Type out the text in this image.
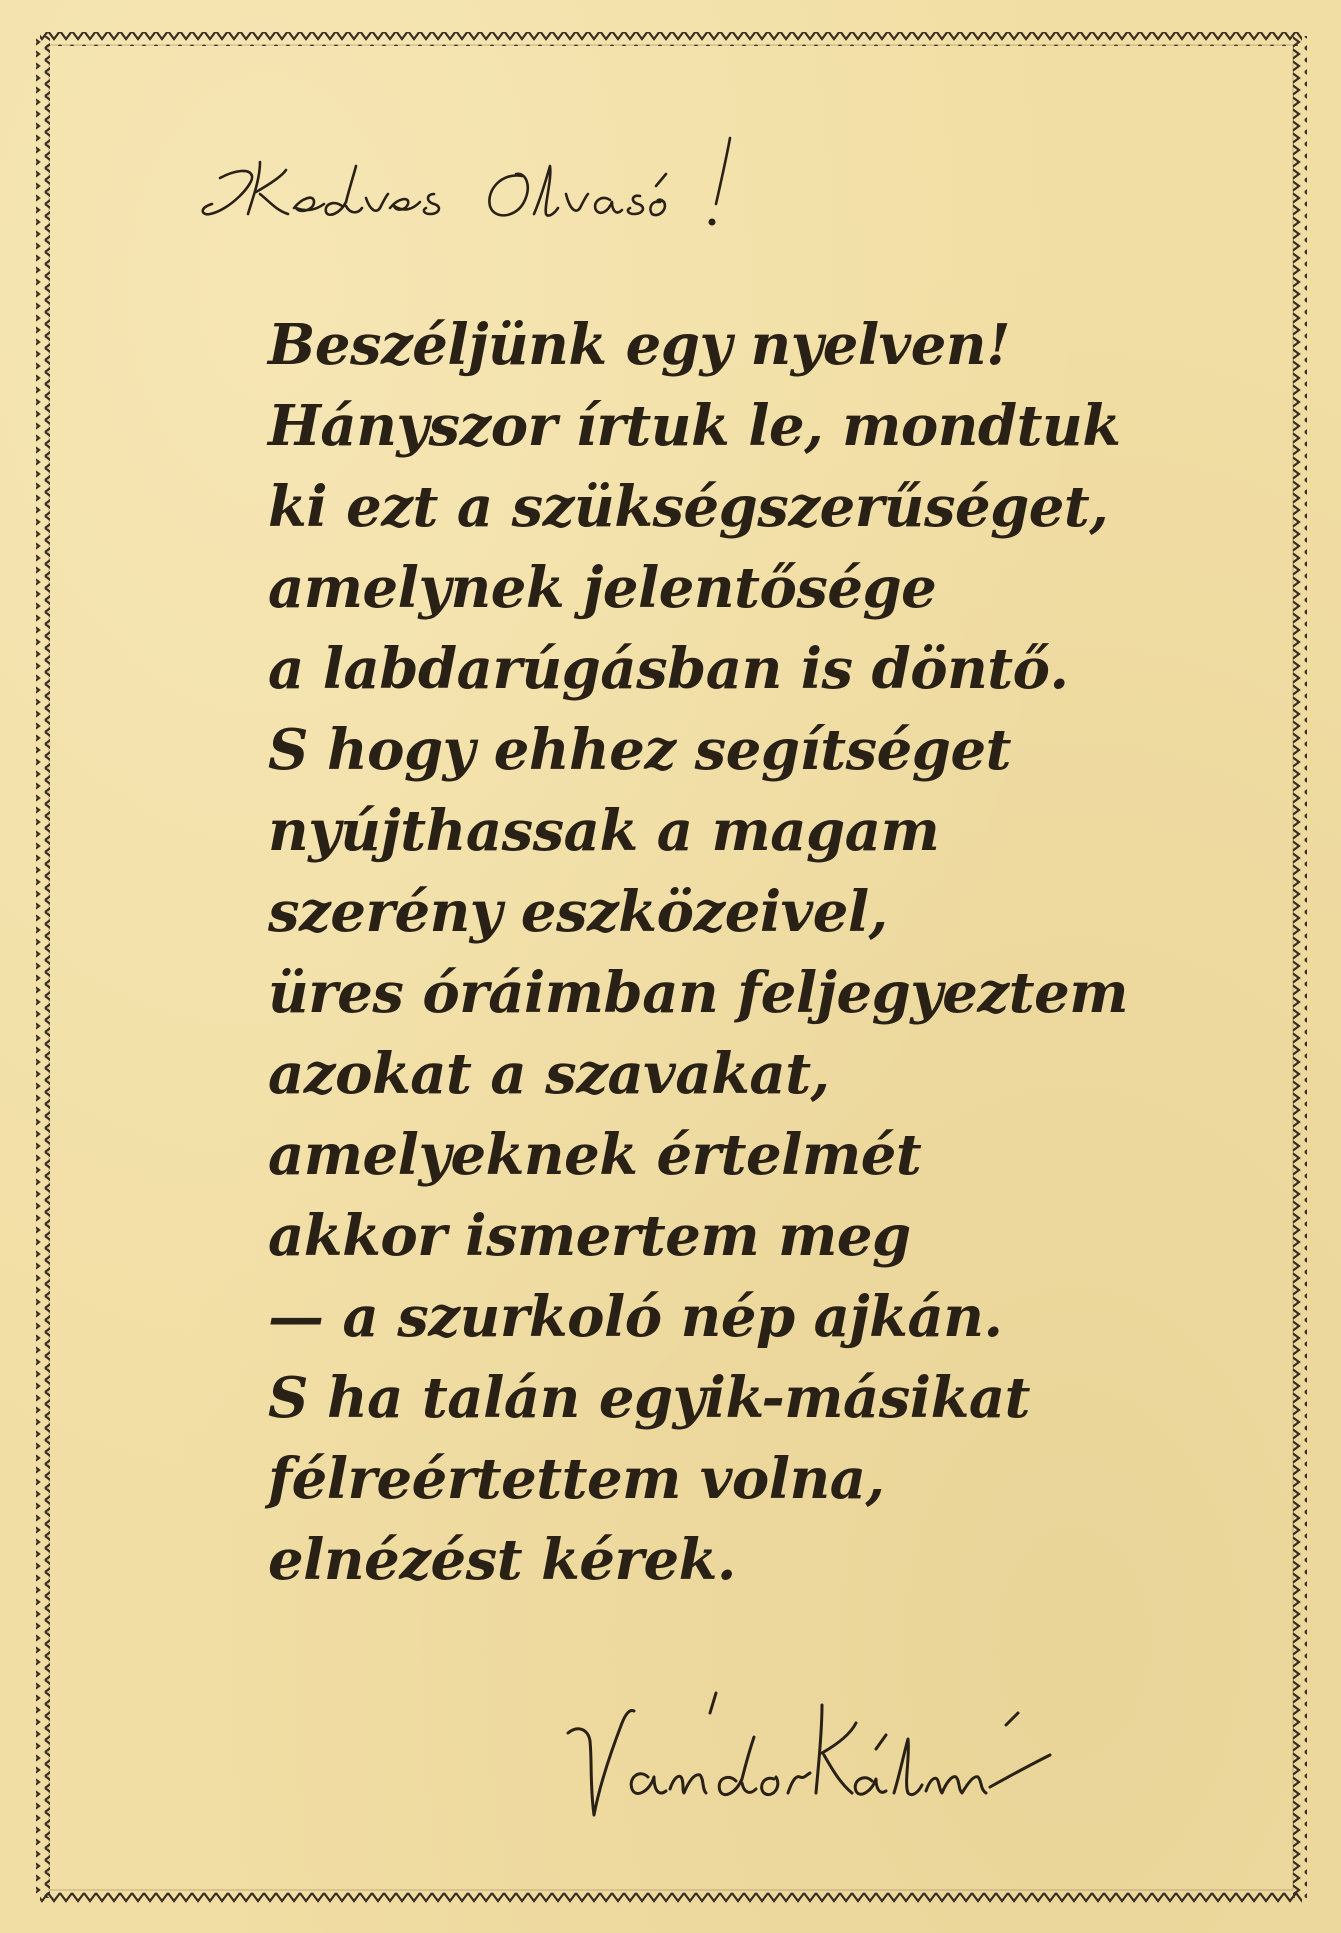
Beszéljünk egy nyelven!
Hányszor írtuk le, mondtuk
ki ezt a szükségszerűséget,
amelynek jelentősége
a labdarúgásban is döntő.
S hogy ehhez segítséget
nyújthassak a magam
szerény eszközeivel,
üres óráimban feljegyeztem
azokat a szavakat,
amelyeknek értelmét
akkor ismertem meg
— a szurkoló nép ajkán.
S ha talán egyik-másikat
félreértettem volna,
elnézést kérek.
